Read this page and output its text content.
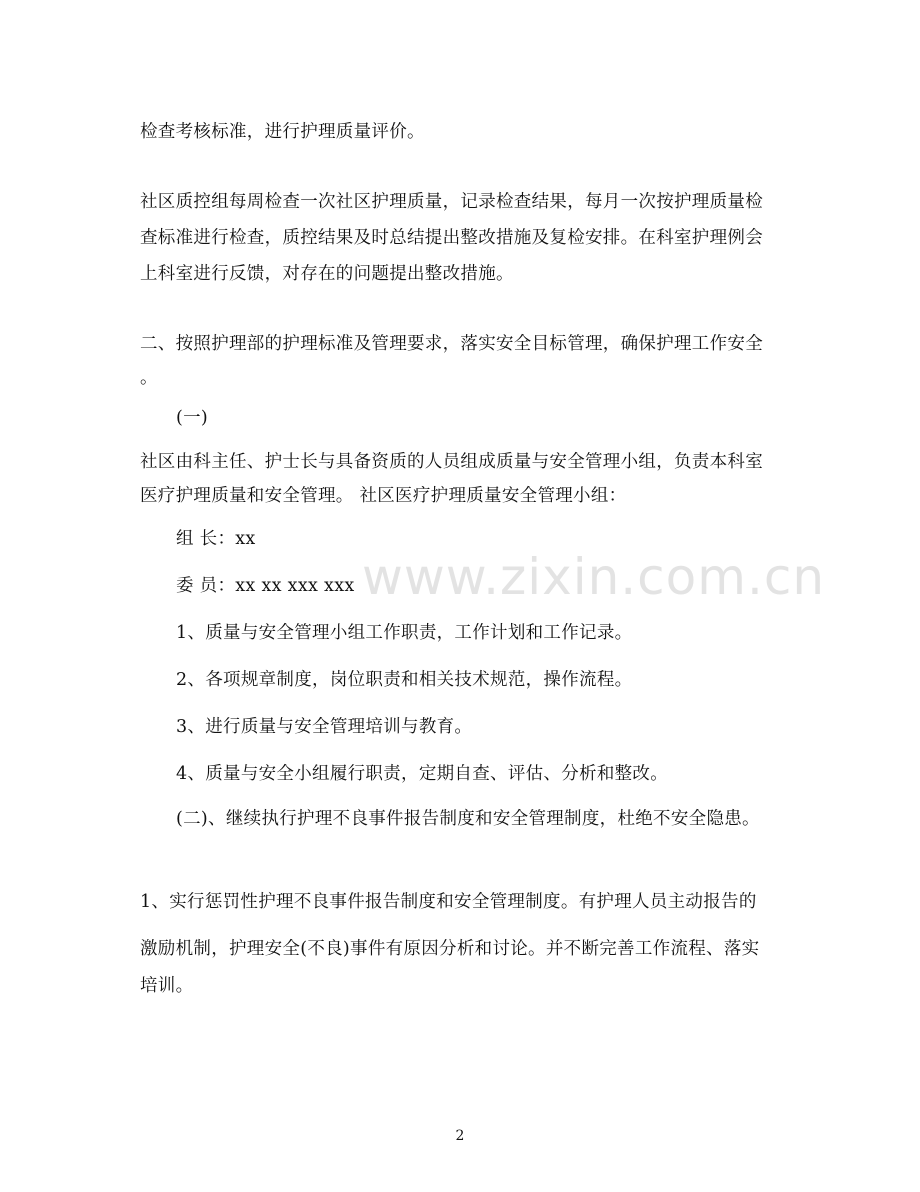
www.zixin.com.cn
检查考核标准，进行护理质量评价。
社区质控组每周检查一次社区护理质量，记录检查结果，每月一次按护理质量检
查标准进行检查，质控结果及时总结提出整改措施及复检安排。在科室护理例会
上科室进行反馈，对存在的问题提出整改措施。
二、按照护理部的护理标准及管理要求，落实安全目标管理，确保护理工作安全
。
(一)
社区由科主任、护士长与具备资质的人员组成质量与安全管理小组，负责本科室
医疗护理质量和安全管理。 社区医疗护理质量安全管理小组：
组 长：xx
委 员：xx xx xxx xxx
1、质量与安全管理小组工作职责，工作计划和工作记录。
2、各项规章制度，岗位职责和相关技术规范，操作流程。
3、进行质量与安全管理培训与教育。
4、质量与安全小组履行职责，定期自查、评估、分析和整改。
(二)、继续执行护理不良事件报告制度和安全管理制度，杜绝不安全隐患。
1、实行惩罚性护理不良事件报告制度和安全管理制度。有护理人员主动报告的
激励机制，护理安全(不良)事件有原因分析和讨论。并不断完善工作流程、落实
培训。
2
